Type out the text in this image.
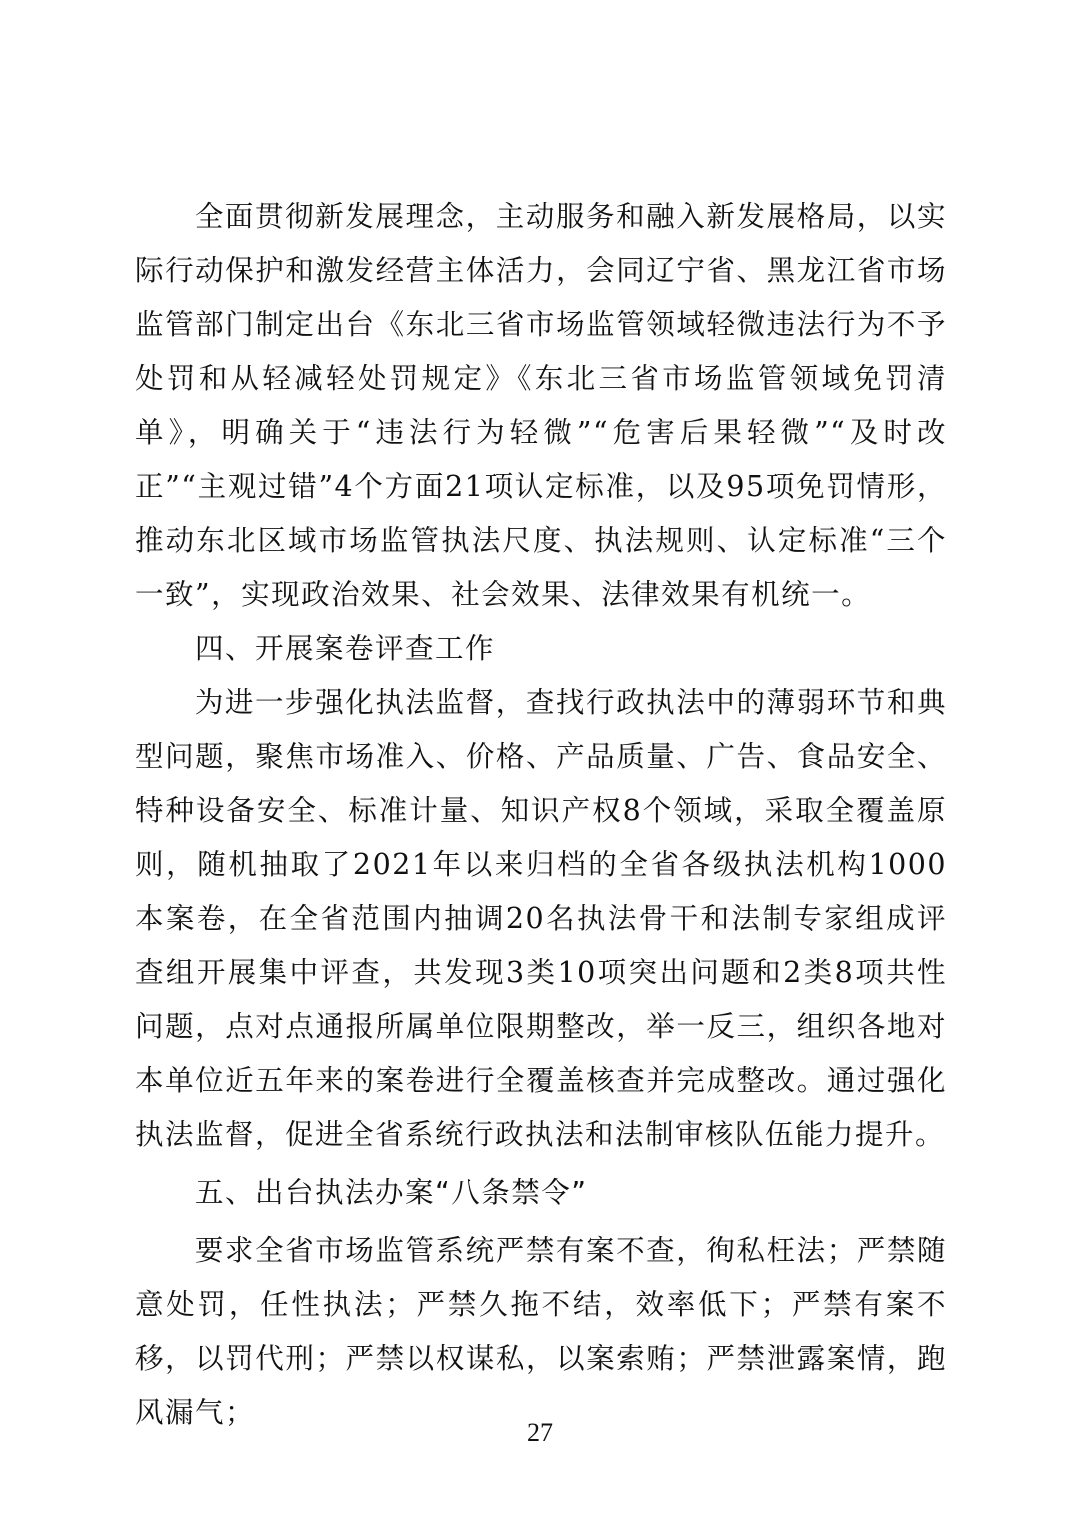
全面贯彻新发展理念，主动服务和融入新发展格局，以实际行动保护和激发经营主体活力，会同辽宁省、黑龙江省市场监管部门制定出台《东北三省市场监管领域轻微违法行为不予处罚和从轻减轻处罚规定》《东北三省市场监管领域免罚清单》，明确关于“违法行为轻微”“危害后果轻微”“及时改正”“主观过错”4个方面21项认定标准，以及95项免罚情形，推动东北区域市场监管执法尺度、执法规则、认定标准“三个一致”，实现政治效果、社会效果、法律效果有机统一。

四、开展案卷评查工作

为进一步强化执法监督，查找行政执法中的薄弱环节和典型问题，聚焦市场准入、价格、产品质量、广告、食品安全、特种设备安全、标准计量、知识产权8个领域，采取全覆盖原则，随机抽取了2021年以来归档的全省各级执法机构1000本案卷，在全省范围内抽调20名执法骨干和法制专家组成评查组开展集中评查，共发现3类10项突出问题和2类8项共性问题，点对点通报所属单位限期整改，举一反三，组织各地对本单位近五年来的案卷进行全覆盖核查并完成整改。通过强化执法监督，促进全省系统行政执法和法制审核队伍能力提升。

五、出台执法办案“八条禁令”

要求全省市场监管系统严禁有案不查，徇私枉法；严禁随意处罚，任性执法；严禁久拖不结，效率低下；严禁有案不移，以罚代刑；严禁以权谋私，以案索贿；严禁泄露案情，跑风漏气；

27
